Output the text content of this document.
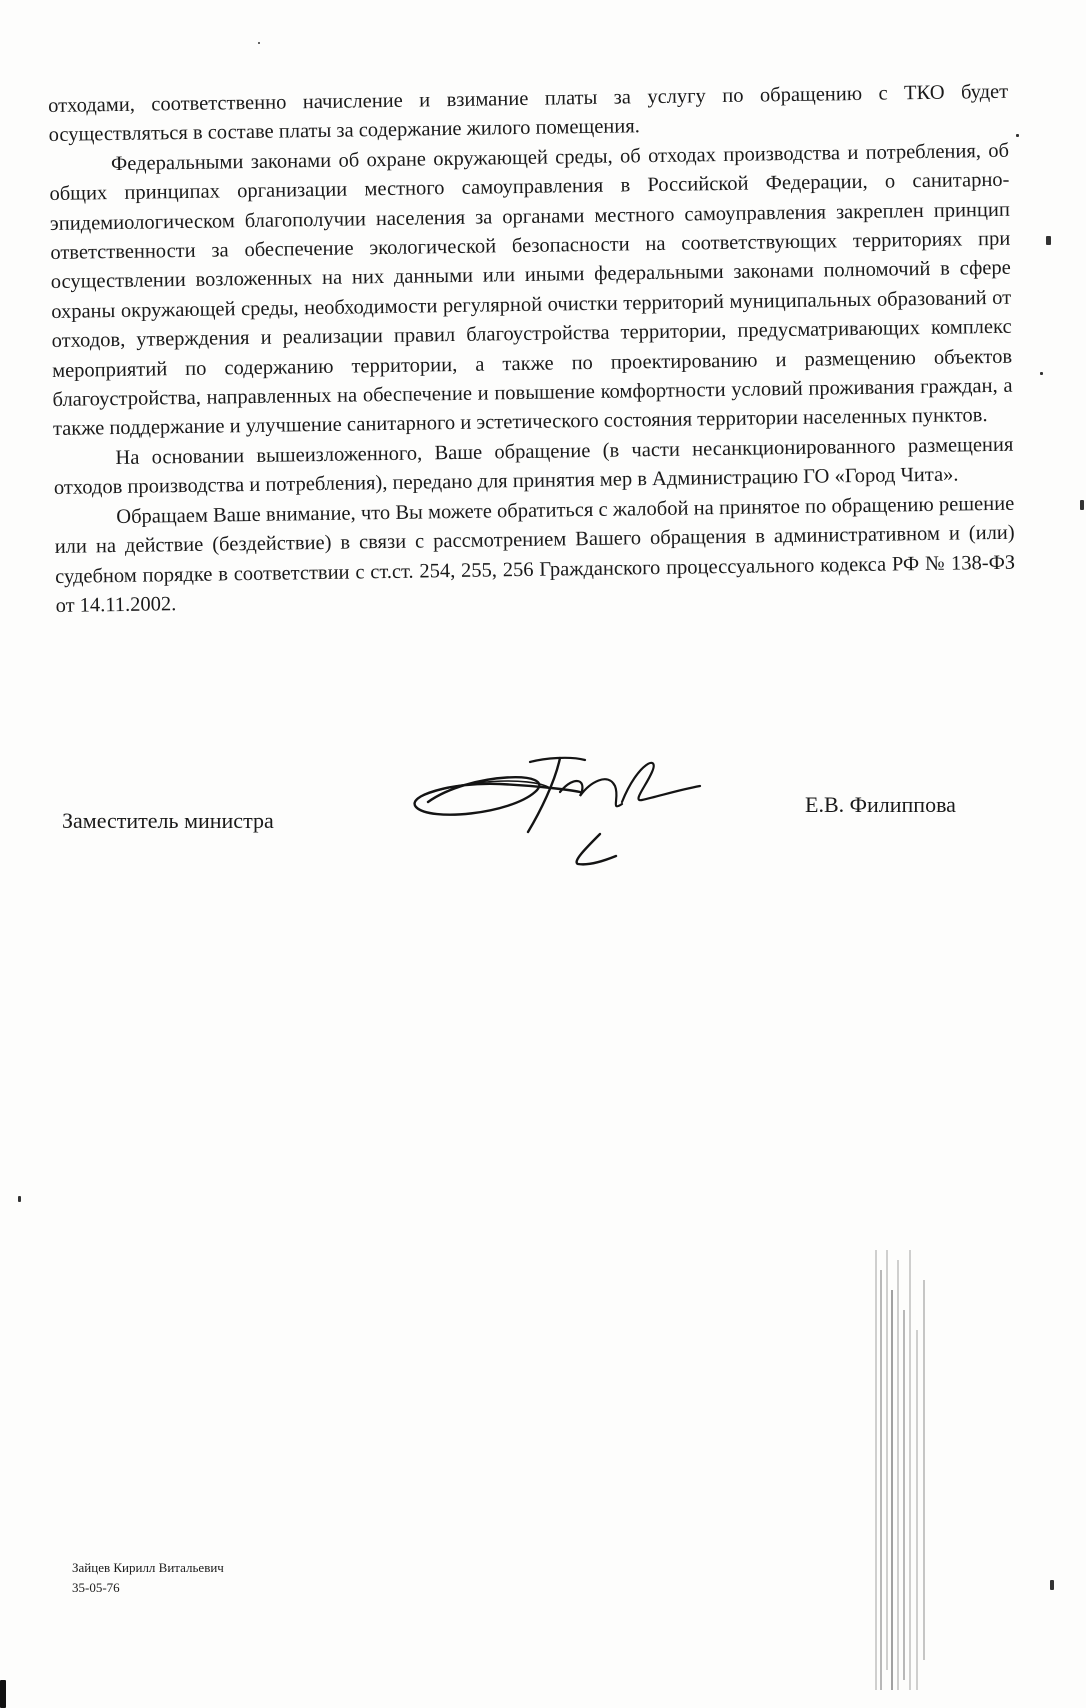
отходами, соответственно начисление и взимание платы за услугу по обращению с ТКО будет осуществляться в составе платы за содержание жилого помещения.

Федеральными законами об охране окружающей среды, об отходах производства и потребления, об общих принципах организации местного самоуправления в Российской Федерации, о санитарно-эпидемиологическом благополучии населения за органами местного самоуправления закреплен принцип ответственности за обеспечение экологической безопасности на соответствующих территориях при осуществлении возложенных на них данными или иными федеральными законами полномочий в сфере охраны окружающей среды, необходимости регулярной очистки территорий муниципальных образований от отходов, утверждения и реализации правил благоустройства территории, предусматривающих комплекс мероприятий по содержанию территории, а также по проектированию и размещению объектов благоустройства, направленных на обеспечение и повышение комфортности условий проживания граждан, а также поддержание и улучшение санитарного и эстетического состояния территории населенных пунктов.

На основании вышеизложенного, Ваше обращение (в части несанкционированного размещения отходов производства и потребления), передано для принятия мер в Администрацию ГО «Город Чита».

Обращаем Ваше внимание, что Вы можете обратиться с жалобой на принятое по обращению решение или на действие (бездействие) в связи с рассмотрением Вашего обращения в административном и (или) судебном порядке в соответствии с ст.ст. 254, 255, 256 Гражданского процессуального кодекса РФ № 138-ФЗ от 14.11.2002.

Заместитель министра
Е.В. Филиппова
Зайцев Кирилл Витальевич
35-05-76
